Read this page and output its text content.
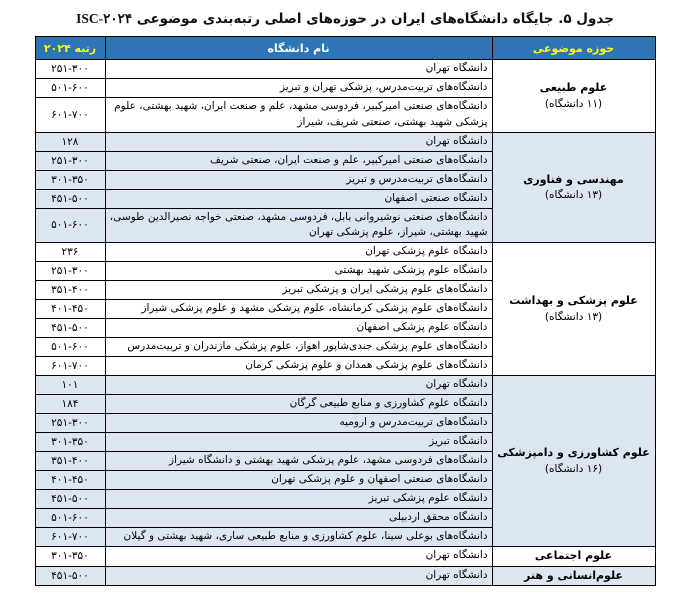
جدول ۵. جایگاه دانشگاه‌های ایران در حوزه‌های اصلی رتبه‌بندی موضوعی ISC-۲۰۲۴
حوزه موضوعی	نام دانشگاه	رتبه ۲۰۲۴

علوم طبیعی
(۱۱ دانشگاه)	دانشگاه تهران	۲۵۱-۳۰۰
	دانشگاه‌های تربیت‌مدرس، پزشکی تهران و تبریز	۵۰۱-۶۰۰
	دانشگاه‌های صنعتی امیرکبیر، فردوسی مشهد، علم و صنعت ایران، شهید بهشتی، علوم پزشکی شهید بهشتی، صنعتی شریف، شیراز	۶۰۱-۷۰۰

مهندسی و فناوری
(۱۳ دانشگاه)	دانشگاه تهران	۱۲۸
	دانشگاه‌های صنعتی امیرکبیر، علم و صنعت ایران، صنعتی شریف	۲۵۱-۳۰۰
	دانشگاه‌های تربیت‌مدرس و تبریز	۳۰۱-۳۵۰
	دانشگاه صنعتی اصفهان	۴۵۱-۵۰۰
	دانشگاه‌های صنعتی نوشیروانی بابل، فردوسی مشهد، صنعتی خواجه نصیرالدین طوسی، شهید بهشتی، شیراز، علوم پزشکی تهران	۵۰۱-۶۰۰

علوم پزشکی و بهداشت
(۱۳ دانشگاه)	دانشگاه علوم پزشکی تهران	۲۳۶
	دانشگاه علوم پزشکی شهید بهشتی	۲۵۱-۳۰۰
	دانشگاه‌های علوم پزشکی ایران و پزشکی تبریز	۳۵۱-۴۰۰
	دانشگاه‌های علوم پزشکی کرمانشاه، علوم پزشکی مشهد و علوم پزشکی شیراز	۴۰۱-۴۵۰
	دانشگاه علوم پزشکی اصفهان	۴۵۱-۵۰۰
	دانشگاه‌های علوم پزشکی جندی‌شاپور اهواز، علوم پزشکی مازندران و تربیت‌مدرس	۵۰۱-۶۰۰
	دانشگاه‌های علوم پزشکی همدان و علوم پزشکی کرمان	۶۰۱-۷۰۰

علوم کشاورزی و دامپزشکی
(۱۶ دانشگاه)	دانشگاه تهران	۱۰۱
	دانشگاه علوم کشاورزی و منابع طبیعی گرگان	۱۸۴
	دانشگاه‌های تربیت‌مدرس و ارومیه	۲۵۱-۳۰۰
	دانشگاه تبریز	۳۰۱-۳۵۰
	دانشگاه‌های فردوسی مشهد، علوم پزشکی شهید بهشتی و دانشگاه شیراز	۳۵۱-۴۰۰
	دانشگاه‌های صنعتی اصفهان و علوم پزشکی تهران	۴۰۱-۴۵۰
	دانشگاه علوم پزشکی تبریز	۴۵۱-۵۰۰
	دانشگاه محقق اردبیلی	۵۰۱-۶۰۰
	دانشگاه‌های بوعلی سینا، علوم کشاورزی و منابع طبیعی ساری، شهید بهشتی و گیلان	۶۰۱-۷۰۰

علوم اجتماعی	دانشگاه تهران	۳۰۱-۳۵۰

علوم‌انسانی و هنر	دانشگاه تهران	۴۵۱-۵۰۰
